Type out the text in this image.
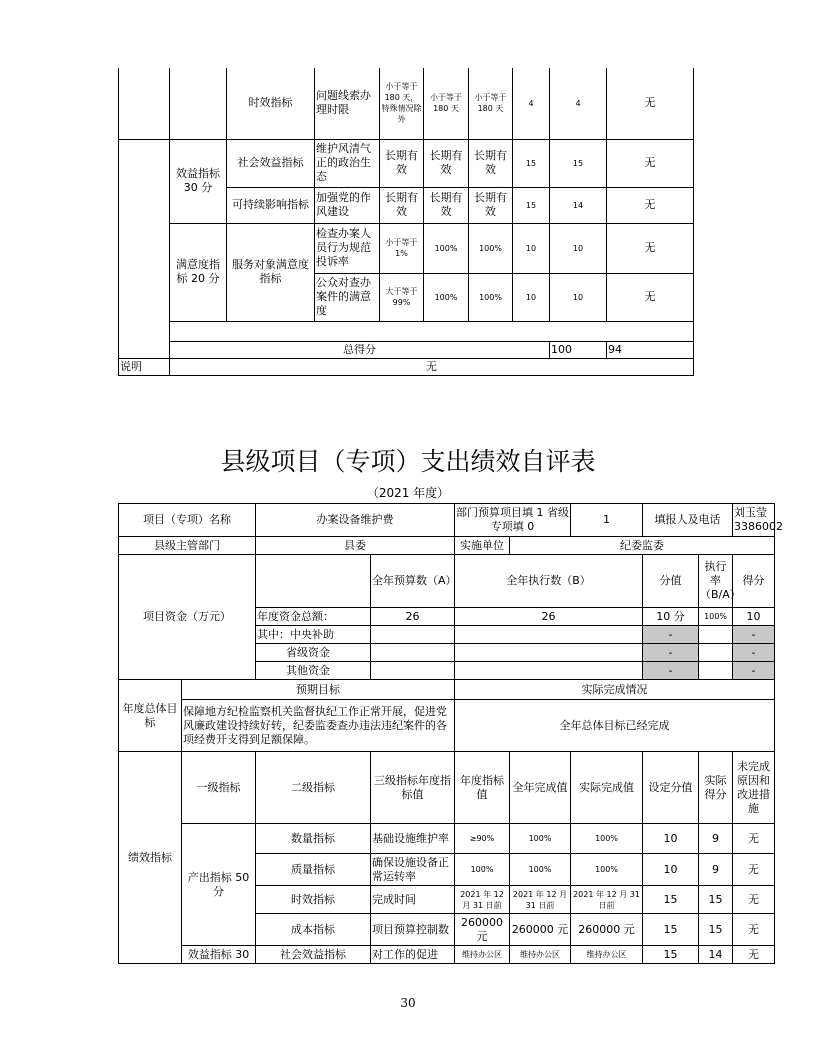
		时效指标	问题线索办理时限	小于等于 180 天，特殊情况除外	小于等于 180 天	小于等于 180 天	4	4	无	
	效益指标 30 分	社会效益指标	维护风清气正的政治生态	长期有效	长期有效	长期有效	15	15	无	
		可持续影响指标	加强党的作风建设	长期有效	长期有效	长期有效	15	14	无	
	满意度指标 20 分	服务对象满意度指标	检查办案人员行为规范投诉率	小于等于 1%	100%	100%	10	10	无	
			公众对查办案件的满意度	大于等于 99%	100%	100%	10	10	无	

	总得分							100	94	
说明	无									
县级项目（专项）支出绩效自评表
（2021 年度）
项目（专项）名称		办案设备维护费		部门预算项目填 1 省级专项填 0		1	填报人及电话		刘玉莹 3386002
县级主管部门		县委		实施单位	纪委监委				
项目资金（万元）			全年预算数（A）	全年执行数（B）			分值	执行率（B/A）	得分
		年度资金总额：	26	26			10 分	100%	10
		其中：中央补助					-		-
		省级资金					-		-
		其他资金					-		-
年度总体目标	预期目标			实际完成情况					
	保障地方纪检监察机关监督执纪工作正常开展，促进党风廉政建设持续好转，纪委监委查办违法违纪案件的各项经费开支得到足额保障。			全年总体目标已经完成					
绩效指标	一级指标	二级指标	三级指标年度指标值	年度指标值	全年完成值	实际完成值	设定分值	实际得分	未完成原因和改进措施
	产出指标 50 分	数量指标	基础设施维护率	≥90%	100%	100%	10	9	无
		质量指标	确保设施设备正常运转率	100%	100%	100%	10	9	无
		时效指标	完成时间	2021 年 12 月 31 日前	2021 年 12 月 31 日前	2021 年 12 月 31 日前	15	15	无
		成本指标	项目预算控制数	260000 元	260000 元	260000 元	15	15	无
	效益指标 30	社会效益指标	对工作的促进	维持办公区	维持办公区	维持办公区	15	14	无
30
